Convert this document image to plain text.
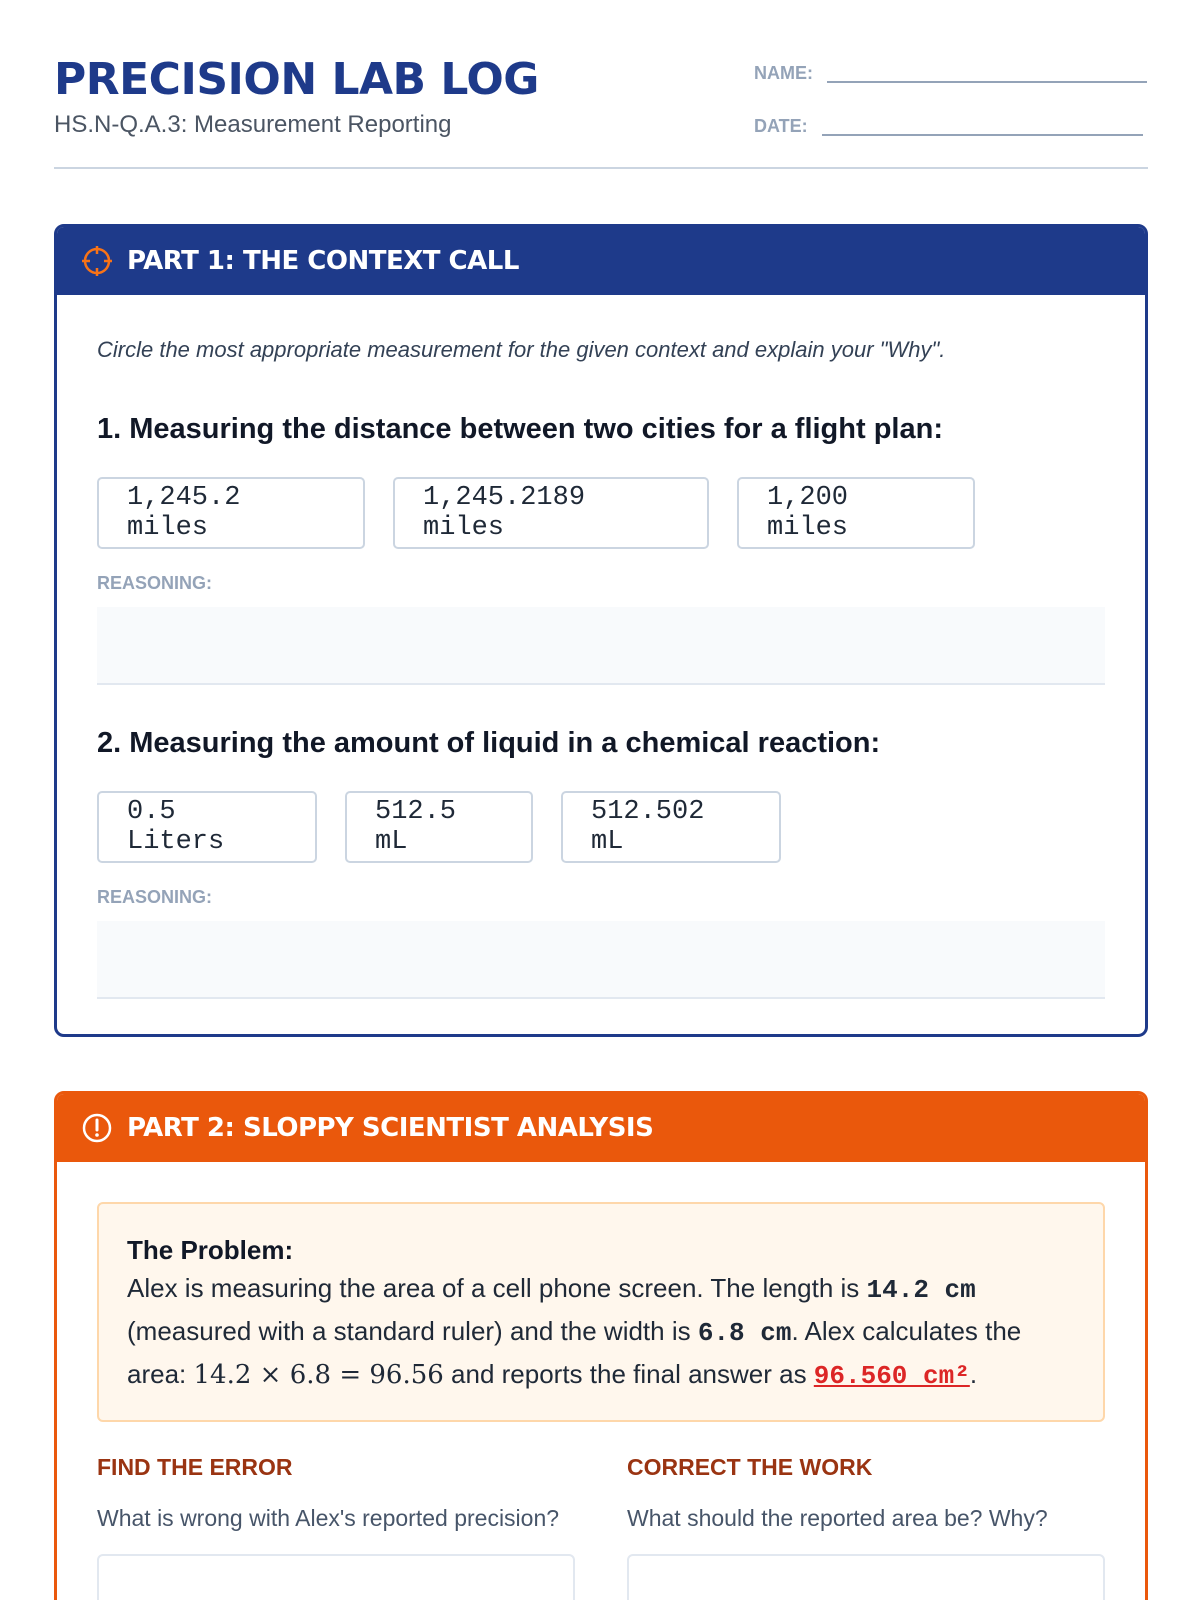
PRECISION LAB LOG
HS.N-Q.A.3: Measurement Reporting
NAME:
DATE:
PART 1: THE CONTEXT CALL
Circle the most appropriate measurement for the given context and explain your "Why".
1. Measuring the distance between two cities for a flight plan:
1,245.2 miles
1,245.2189 miles
1,200 miles
REASONING:
2. Measuring the amount of liquid in a chemical reaction:
0.5 Liters
512.5 mL
512.502 mL
REASONING:
PART 2: SLOPPY SCIENTIST ANALYSIS
The Problem:
Alex is measuring the area of a cell phone screen. The length is 14.2 cm (measured with a standard ruler) and the width is 6.8 cm. Alex calculates the area: 14.2 × 6.8 = 96.56 and reports the final answer as 96.560 cm².
FIND THE ERROR
What is wrong with Alex's reported precision?
CORRECT THE WORK
What should the reported area be? Why?
